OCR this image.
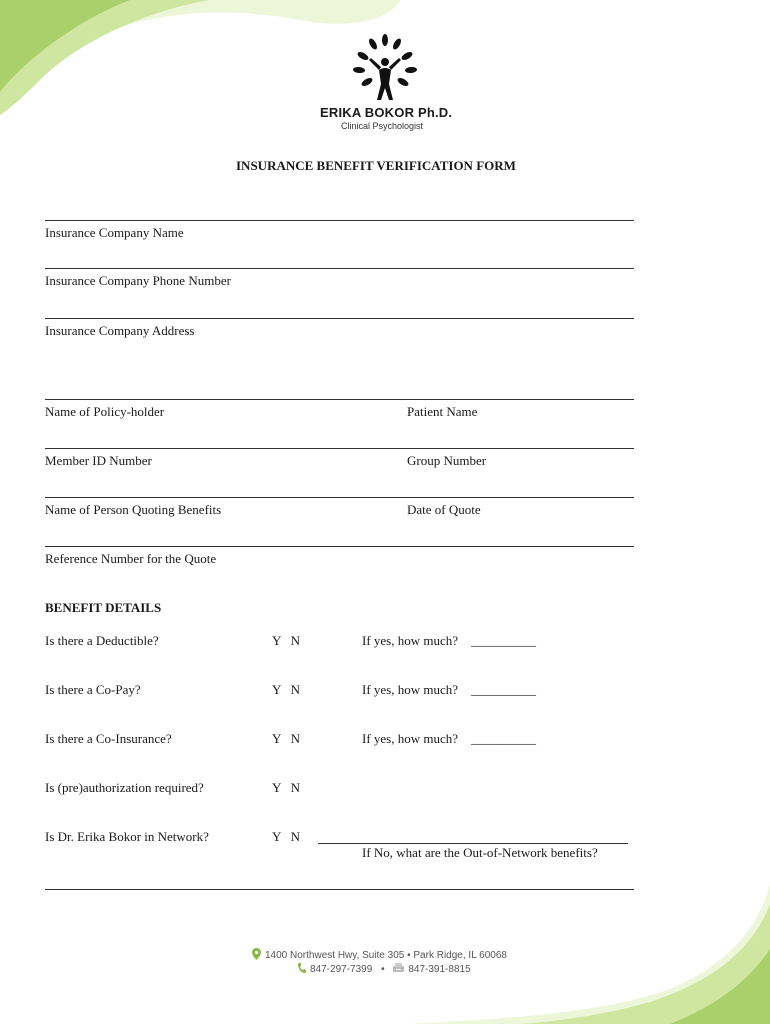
ERIKA BOKOR Ph.D.
Clinical Psychologist
INSURANCE BENEFIT VERIFICATION FORM
Insurance Company Name
Insurance Company Phone Number
Insurance Company Address
Name of Policy-holder	Patient Name
Member ID Number	Group Number
Name of Person Quoting Benefits	Date of Quote
Reference Number for the Quote
BENEFIT DETAILS
Is there a Deductible?	Y   N	If yes, how much? __________
Is there a Co-Pay?	Y   N	If yes, how much? __________
Is there a Co-Insurance?	Y   N	If yes, how much? __________
Is (pre)authorization required?	Y   N
Is Dr. Erika Bokor in Network?	Y   N
If No, what are the Out-of-Network benefits?
1400 Northwest Hwy, Suite 305 • Park Ridge, IL 60068
847-297-7399 • 847-391-8815
